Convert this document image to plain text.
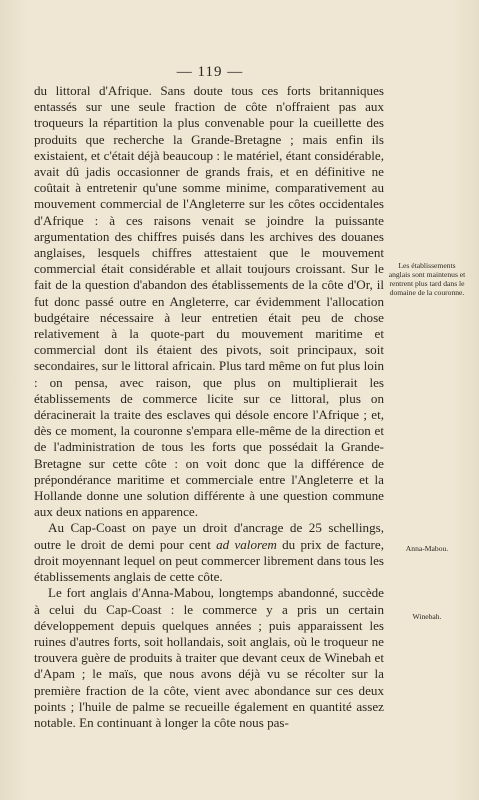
— 119 —

du littoral d'Afrique. Sans doute tous ces forts britanniques entassés sur une seule fraction de côte n'offraient pas aux troqueurs la répartition la plus convenable pour la cueillette des produits que recherche la Grande-Bretagne ; mais enfin ils existaient, et c'était déjà beaucoup : le matériel, étant considérable, avait dû jadis occasionner de grands frais, et en définitive ne coûtait à entretenir qu'une somme minime, comparativement au mouvement commercial de l'Angleterre sur les côtes occidentales d'Afrique : à ces raisons venait se joindre la puissante argumentation des chiffres puisés dans les archives des douanes anglaises, lesquels chiffres attestaient que le mouvement commercial était considérable et allait toujours croissant. Sur le fait de la question d'abandon des établissements de la côte d'Or, il fut donc passé outre en Angleterre, car évidemment l'allocation budgétaire nécessaire à leur entretien était peu de chose relativement à la quote-part du mouvement maritime et commercial dont ils étaient des pivots, soit principaux, soit secondaires, sur le littoral africain. Plus tard même on fut plus loin : on pensa, avec raison, que plus on multiplierait les établissements de commerce licite sur ce littoral, plus on déracinerait la traite des esclaves qui désole encore l'Afrique ; et, dès ce moment, la couronne s'empara elle-même de la direction et de l'administration de tous les forts que possédait la Grande-Bretagne sur cette côte : on voit donc que la différence de prépondérance maritime et commerciale entre l'Angleterre et la Hollande donne une solution différente à une question commune aux deux nations en apparence.

Au Cap-Coast on paye un droit d'ancrage de 25 schellings, outre le droit de demi pour cent ad valorem du prix de facture, droit moyennant lequel on peut commercer librement dans tous les établissements anglais de cette côte.

Le fort anglais d'Anna-Mabou, longtemps abandonné, succède à celui du Cap-Coast : le commerce y a pris un certain développement depuis quelques années ; puis apparaissent les ruines d'autres forts, soit hollandais, soit anglais, où le troqueur ne trouvera guère de produits à traiter que devant ceux de Winebah et d'Apam ; le maïs, que nous avons déjà vu se récolter sur la première fraction de la côte, vient avec abondance sur ces deux points ; l'huile de palme se recueille également en quantité assez notable. En continuant à longer la côte nous pas-

Les établissements anglais sont maintenus et rentrent plus tard dans le domaine de la couronne.
Anna-Mabou.
Winebah.
